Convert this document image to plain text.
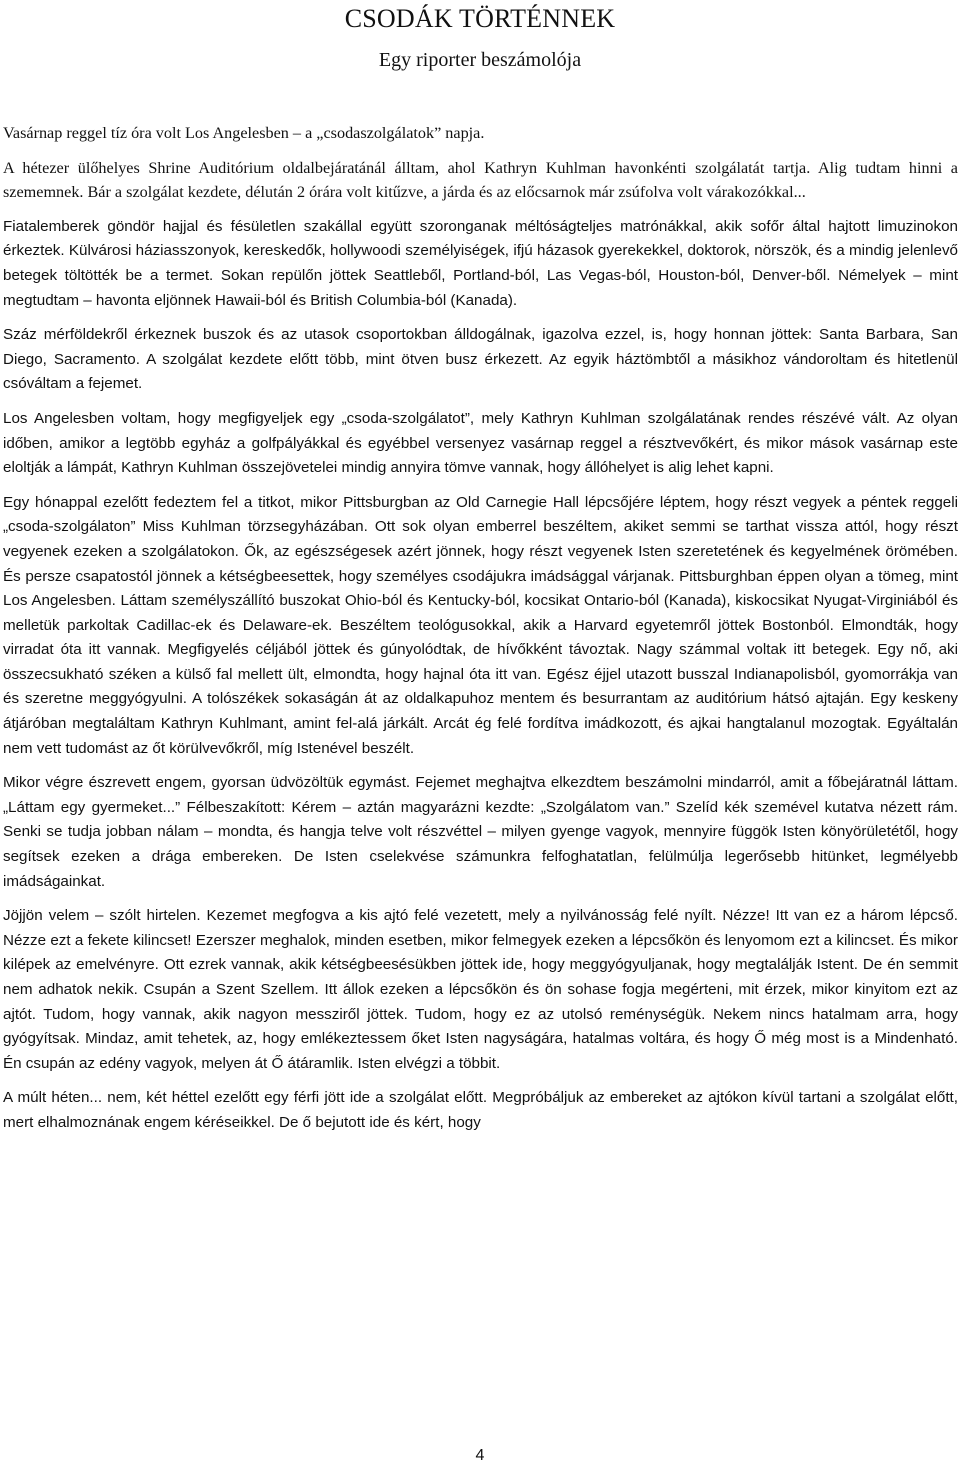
CSODÁK TÖRTÉNNEK
Egy riporter beszámolója

Vasárnap reggel tíz óra volt Los Angelesben – a „csodaszolgálatok” napja.

A hétezer ülőhelyes Shrine Auditórium oldalbejáratánál álltam, ahol Kathryn Kuhlman havonkénti szolgálatát tartja. Alig tudtam hinni a szememnek. Bár a szolgálat kezdete, délután 2 órára volt kitűzve, a járda és az előcsarnok már zsúfolva volt várakozókkal...

Fiatalemberek göndör hajjal és fésületlen szakállal együtt szoronganak méltóságteljes matrónákkal, akik sofőr által hajtott limuzinokon érkeztek. Külvárosi háziasszonyok, kereskedők, hollywoodi személyiségek, ifjú házasok gyerekekkel, doktorok, nörszök, és a mindig jelenlevő betegek töltötték be a termet. Sokan repülőn jöttek Seattleből, Portland-ból, Las Vegas-ból, Houston-ból, Denver-ből. Némelyek – mint megtudtam – havonta eljönnek Hawaii-ból és British Columbia-ból (Kanada).

Száz mérföldekről érkeznek buszok és az utasok csoportokban álldogálnak, igazolva ezzel, is, hogy honnan jöttek: Santa Barbara, San Diego, Sacramento. A szolgálat kezdete előtt több, mint ötven busz érkezett. Az egyik háztömbtől a másikhoz vándoroltam és hitetlenül csóváltam a fejemet.

Los Angelesben voltam, hogy megfigyeljek egy „csoda-szolgálatot”, mely Kathryn Kuhlman szolgálatának rendes részévé vált. Az olyan időben, amikor a legtöbb egyház a golfpályákkal és egyébbel versenyez vasárnap reggel a résztvevőkért, és mikor mások vasárnap este eloltják a lámpát, Kathryn Kuhlman összejövetelei mindig annyira tömve vannak, hogy állóhelyet is alig lehet kapni.

Egy hónappal ezelőtt fedeztem fel a titkot, mikor Pittsburgban az Old Carnegie Hall lépcsőjére léptem, hogy részt vegyek a péntek reggeli „csoda-szolgálaton” Miss Kuhlman törzsegyházában. Ott sok olyan emberrel beszéltem, akiket semmi se tarthat vissza attól, hogy részt vegyenek ezeken a szolgálatokon. Ők, az egészségesek azért jönnek, hogy részt vegyenek Isten szeretetének és kegyelmének örömében. És persze csapatostól jönnek a kétségbeesettek, hogy személyes csodájukra imádsággal várjanak. Pittsburghban éppen olyan a tömeg, mint Los Angelesben. Láttam személyszállító buszokat Ohio-ból és Kentucky-ból, kocsikat Ontario-ból (Kanada), kiskocsikat Nyugat-Virginiából és melletük parkoltak Cadillac-ek és Delaware-ek. Beszéltem teológusokkal, akik a Harvard egyetemről jöttek Bostonból. Elmondták, hogy virradat óta itt vannak. Megfigyelés céljából jöttek és gúnyolódtak, de hívőkként távoztak. Nagy számmal voltak itt betegek. Egy nő, aki összecsukható széken a külső fal mellett ült, elmondta, hogy hajnal óta itt van. Egész éjjel utazott busszal Indianapolisból, gyomorrákja van és szeretne meggyógyulni. A tolószékek sokaságán át az oldalkapuhoz mentem és besurrantam az auditórium hátsó ajtaján. Egy keskeny átjáróban megtaláltam Kathryn Kuhlmant, amint fel-alá járkált. Arcát ég felé fordítva imádkozott, és ajkai hangtalanul mozogtak. Egyáltalán nem vett tudomást az őt körülvevőkről, míg Istenével beszélt.

Mikor végre észrevett engem, gyorsan üdvözöltük egymást. Fejemet meghajtva elkezdtem beszámolni mindarról, amit a főbejáratnál láttam. „Láttam egy gyermeket...” Félbeszakított: Kérem – aztán magyarázni kezdte: „Szolgálatom van.” Szelíd kék szemével kutatva nézett rám. Senki se tudja jobban nálam – mondta, és hangja telve volt részvéttel – milyen gyenge vagyok, mennyire függök Isten könyörületétől, hogy segítsek ezeken a drága embereken. De Isten cselekvése számunkra felfoghatatlan, felülmúlja legerősebb hitünket, legmélyebb imádságainkat.

Jöjjön velem – szólt hirtelen. Kezemet megfogva a kis ajtó felé vezetett, mely a nyilvánosság felé nyílt. Nézze! Itt van ez a három lépcső. Nézze ezt a fekete kilincset! Ezerszer meghalok, minden esetben, mikor felmegyek ezeken a lépcsőkön és lenyomom ezt a kilincset. És mikor kilépek az emelvényre. Ott ezrek vannak, akik kétségbeesésükben jöttek ide, hogy meggyógyuljanak, hogy megtalálják Istent. De én semmit nem adhatok nekik. Csupán a Szent Szellem. Itt állok ezeken a lépcsőkön és ön sohase fogja megérteni, mit érzek, mikor kinyitom ezt az ajtót. Tudom, hogy vannak, akik nagyon messziről jöttek. Tudom, hogy ez az utolsó reménységük. Nekem nincs hatalmam arra, hogy gyógyítsak. Mindaz, amit tehetek, az, hogy emlékeztessem őket Isten nagyságára, hatalmas voltára, és hogy Ő még most is a Mindenható. Én csupán az edény vagyok, melyen át Ő átáramlik. Isten elvégzi a többit.

A múlt héten... nem, két héttel ezelőtt egy férfi jött ide a szolgálat előtt. Megpróbáljuk az embereket az ajtókon kívül tartani a szolgálat előtt, mert elhalmoznának engem kéréseikkel. De ő bejutott ide és kért, hogy

4
